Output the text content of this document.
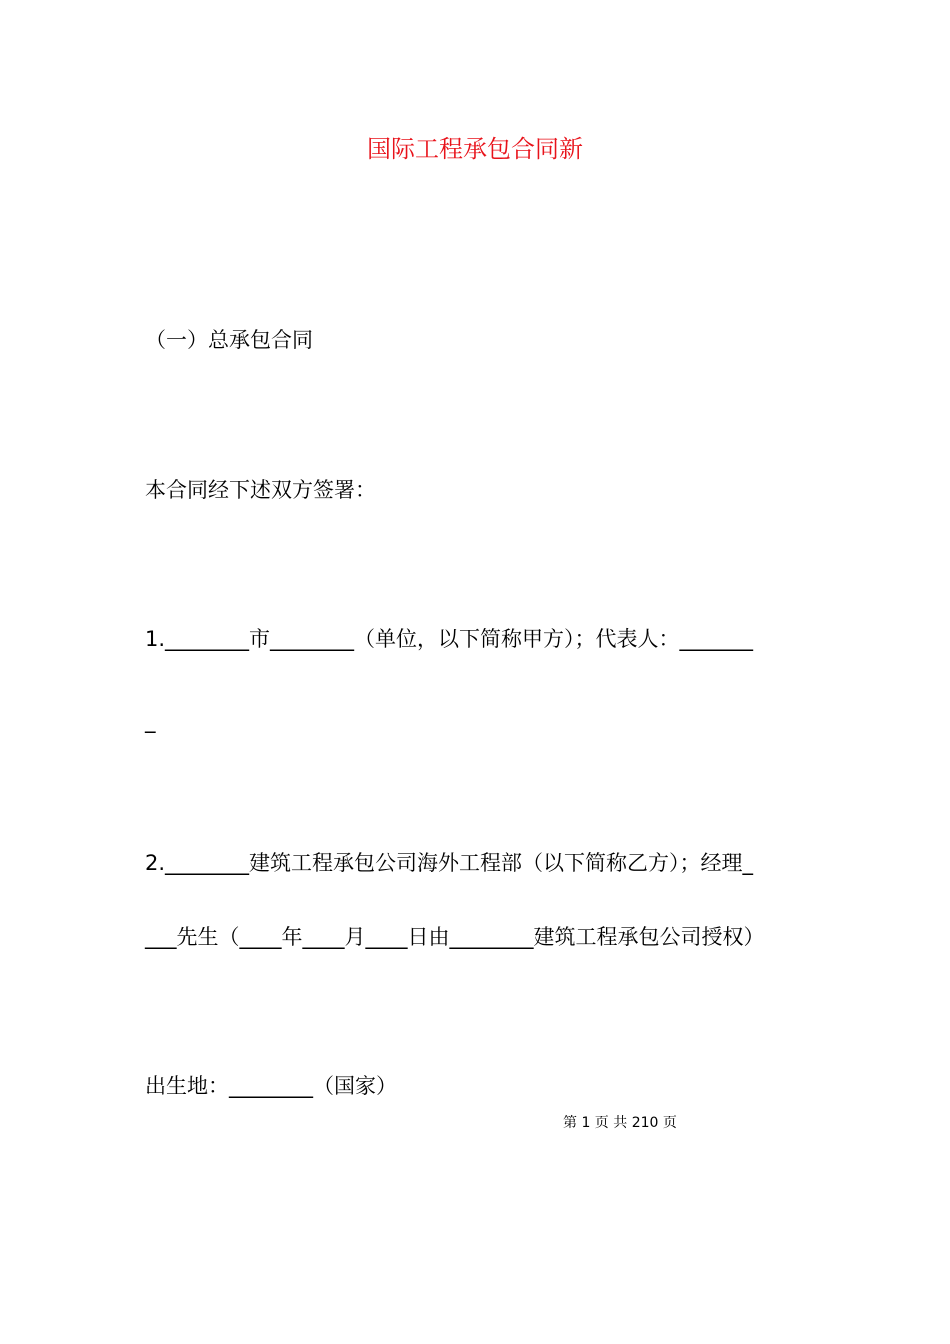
国际工程承包合同新

（一）总承包合同

本合同经下述双方签署：

1.________市________（单位，以下简称甲方）；代表人：_______

_

2.________建筑工程承包公司海外工程部（以下简称乙方）；经理_

___先生（____年____月____日由________建筑工程承包公司授权）

出生地：________（国家）

第 1 页 共 210 页
